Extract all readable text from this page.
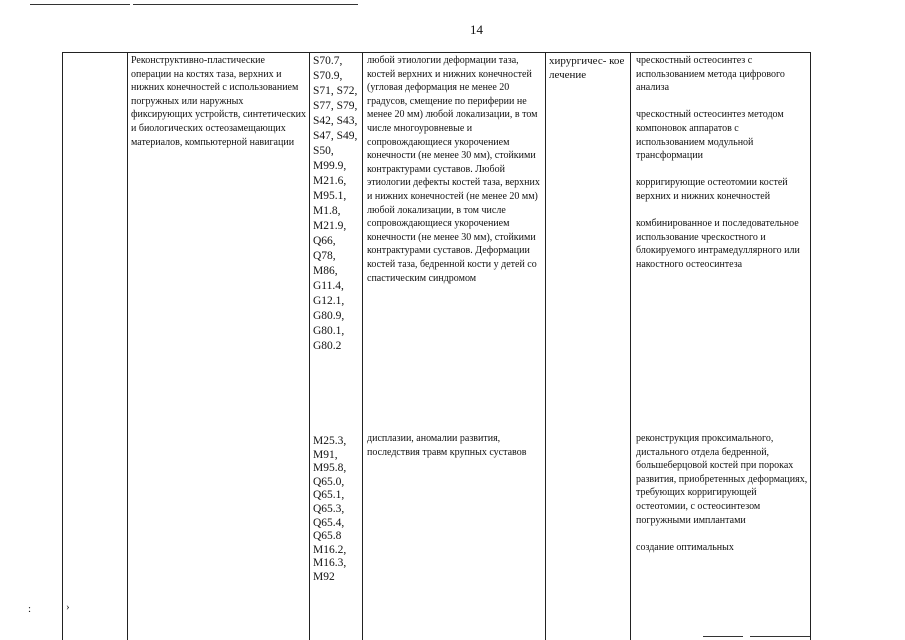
14
Реконструктивно-пластические операции на костях таза, верхних и нижних конечностей с использованием погружных или наружных фиксирующих устройств, синтетических и биологических остеозамещающих материалов, компьютерной навигации
S70.7, S70.9, S71, S72, S77, S79, S42, S43, S47, S49, S50, M99.9, M21.6, M95.1, M1.8, M21.9, Q66, Q78, M86, G11.4, G12.1, G80.9, G80.1, G80.2
любой этиологии деформации таза, костей верхних и нижних конечностей (угловая деформация не менее 20 градусов, смещение по периферии не менее 20 мм) любой локализации, в том числе многоуровневые и сопровождающиеся укорочением конечности (не менее 30 мм), стойкими контрактурами суставов. Любой этиологии дефекты костей таза, верхних и нижних конечностей (не менее 20 мм) любой локализации, в том числе сопровождающиеся укорочением конечности (не менее 30 мм), стойкими контрактурами суставов. Деформации костей таза, бедренной кости у детей со спастическим синдромом
хирургичес- кое лечение

чрескостный остеосинтез с использованием метода цифрового анализа

чрескостный остеосинтез методом компоновок аппаратов с использованием модульной трансформации

корригирующие остеотомии костей верхних и нижних конечностей

комбинированное и последовательное использование чрескостного и блокируемого интрамедуллярного или накостного остеосинтеза

M25.3, M91, M95.8, Q65.0, Q65.1, Q65.3, Q65.4, Q65.8 M16.2, M16.3, M92
дисплазии, аномалии развития, последствия травм крупных суставов

реконструкция проксимального, дистального отдела бедренной, большеберцовой костей при пороках развития, приобретенных деформациях, требующих корригирующей остеотомии, с остеосинтезом погружными имплантами

создание оптимальных

:	›
